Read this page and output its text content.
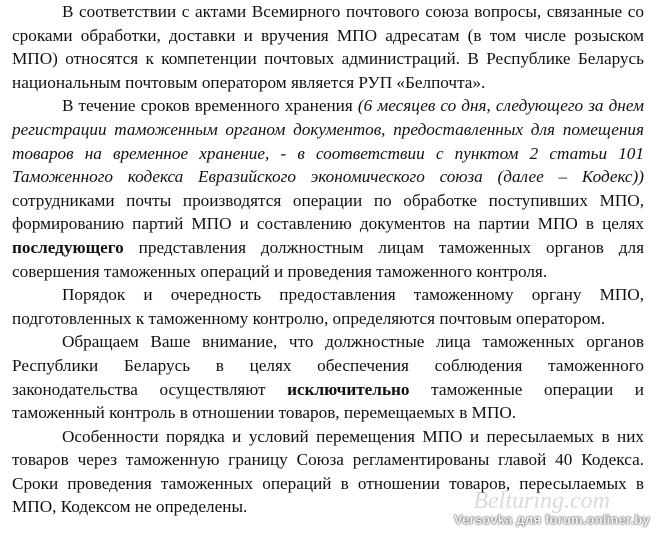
В соответствии с актами Всемирного почтового союза вопросы, связанные со сроками обработки, доставки и вручения МПО адресатам (в том числе розыском МПО) относятся к компетенции почтовых администраций. В Республике Беларусь национальным почтовым оператором является РУП «Белпочта».

В течение сроков временного хранения (6 месяцев со дня, следующего за днем регистрации таможенным органом документов, предоставленных для помещения товаров на временное хранение, - в соответствии с пунктом 2 статьи 101 Таможенного кодекса Евразийского экономического союза (далее – Кодекс)) сотрудниками почты производятся операции по обработке поступивших МПО, формированию партий МПО и составлению документов на партии МПО в целях последующего представления должностным лицам таможенных органов для совершения таможенных операций и проведения таможенного контроля.

Порядок и очередность предоставления таможенному органу МПО, подготовленных к таможенному контролю, определяются почтовым оператором.

Обращаем Ваше внимание, что должностные лица таможенных органов Республики Беларусь в целях обеспечения соблюдения таможенного законодательства осуществляют исключительно таможенные операции и таможенный контроль в отношении товаров, перемещаемых в МПО.

Особенности порядка и условий перемещения МПО и пересылаемых в них товаров через таможенную границу Союза регламентированы главой 40 Кодекса. Сроки проведения таможенных операций в отношении товаров, пересылаемых в МПО, Кодексом не определены.	Belturing.com
Versovka для forum.onliner.by
